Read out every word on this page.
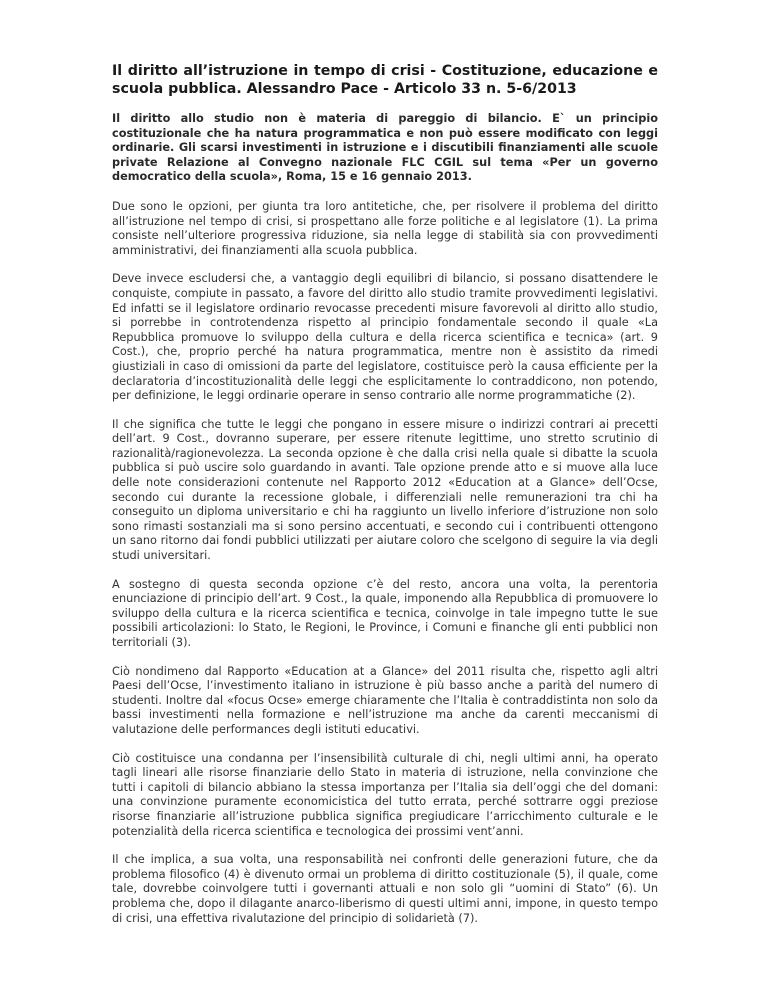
Il diritto all’istruzione in tempo di crisi - Costituzione, educazione e scuola pubblica. Alessandro Pace - Articolo 33 n. 5-6/2013

Il diritto allo studio non è materia di pareggio di bilancio. E` un principio costituzionale che ha natura programmatica e non può essere modificato con leggi ordinarie. Gli scarsi investimenti in istruzione e i discutibili finanziamenti alle scuole private Relazione al Convegno nazionale FLC CGIL sul tema «Per un governo democratico della scuola», Roma, 15 e 16 gennaio 2013.

Due sono le opzioni, per giunta tra loro antitetiche, che, per risolvere il problema del diritto all’istruzione nel tempo di crisi, si prospettano alle forze politiche e al legislatore (1). La prima consiste nell’ulteriore progressiva riduzione, sia nella legge di stabilità sia con provvedimenti amministrativi, dei finanziamenti alla scuola pubblica.

Deve invece escludersi che, a vantaggio degli equilibri di bilancio, si possano disattendere le conquiste, compiute in passato, a favore del diritto allo studio tramite provvedimenti legislativi. Ed infatti se il legislatore ordinario revocasse precedenti misure favorevoli al diritto allo studio, si porrebbe in controtendenza rispetto al principio fondamentale secondo il quale «La Repubblica promuove lo sviluppo della cultura e della ricerca scientifica e tecnica» (art. 9 Cost.), che, proprio perché ha natura programmatica, mentre non è assistito da rimedi giustiziali in caso di omissioni da parte del legislatore, costituisce però la causa efficiente per la declaratoria d’incostituzionalità delle leggi che esplicitamente lo contraddicono, non potendo, per definizione, le leggi ordinarie operare in senso contrario alle norme programmatiche (2).

Il che significa che tutte le leggi che pongano in essere misure o indirizzi contrari ai precetti dell’art. 9 Cost., dovranno superare, per essere ritenute legittime, uno stretto scrutinio di razionalità/ragionevolezza. La seconda opzione è che dalla crisi nella quale si dibatte la scuola pubblica si può uscire solo guardando in avanti. Tale opzione prende atto e si muove alla luce delle note considerazioni contenute nel Rapporto 2012 «Education at a Glance» dell’Ocse, secondo cui durante la recessione globale, i differenziali nelle remunerazioni tra chi ha conseguito un diploma universitario e chi ha raggiunto un livello inferiore d’istruzione non solo sono rimasti sostanziali ma si sono persino accentuati, e secondo cui i contribuenti ottengono un sano ritorno dai fondi pubblici utilizzati per aiutare coloro che scelgono di seguire la via degli studi universitari.

A sostegno di questa seconda opzione c’è del resto, ancora una volta, la perentoria enunciazione di principio dell’art. 9 Cost., la quale, imponendo alla Repubblica di promuovere lo sviluppo della cultura e la ricerca scientifica e tecnica, coinvolge in tale impegno tutte le sue possibili articolazioni: lo Stato, le Regioni, le Province, i Comuni e finanche gli enti pubblici non territoriali (3).

Ciò nondimeno dal Rapporto «Education at a Glance» del 2011 risulta che, rispetto agli altri Paesi dell’Ocse, l’investimento italiano in istruzione è più basso anche a parità del numero di studenti. Inoltre dal «focus Ocse» emerge chiaramente che l’Italia è contraddistinta non solo da bassi investimenti nella formazione e nell’istruzione ma anche da carenti meccanismi di valutazione delle performances degli istituti educativi.

Ciò costituisce una condanna per l’insensibilità culturale di chi, negli ultimi anni, ha operato tagli lineari alle risorse finanziarie dello Stato in materia di istruzione, nella convinzione che tutti i capitoli di bilancio abbiano la stessa importanza per l’Italia sia dell’oggi che del domani: una convinzione puramente economicistica del tutto errata, perché sottrarre oggi preziose risorse finanziarie all’istruzione pubblica significa pregiudicare l’arricchimento culturale e le potenzialità della ricerca scientifica e tecnologica dei prossimi vent’anni.

Il che implica, a sua volta, una responsabilità nei confronti delle generazioni future, che da problema filosofico (4) è divenuto ormai un problema di diritto costituzionale (5), il quale, come tale, dovrebbe coinvolgere tutti i governanti attuali e non solo gli “uomini di Stato” (6). Un problema che, dopo il dilagante anarco-liberismo di questi ultimi anni, impone, in questo tempo di crisi, una effettiva rivalutazione del principio di solidarietà (7).
